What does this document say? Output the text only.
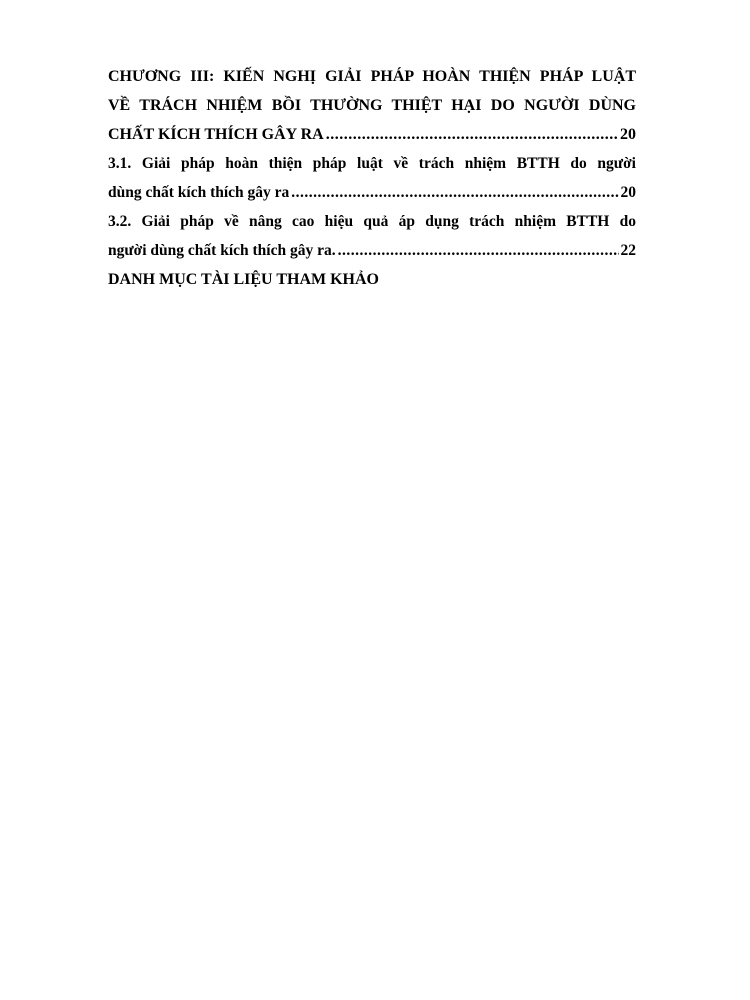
CHƯƠNG III: KIẾN NGHỊ GIẢI PHÁP HOÀN THIỆN PHÁP LUẬT
VỀ TRÁCH NHIỆM BỒI THƯỜNG THIỆT HẠI DO NGƯỜI DÙNG
CHẤT KÍCH THÍCH GÂY RA .....	20
3.1. Giải pháp hoàn thiện pháp luật về trách nhiệm BTTH do người
dùng chất kích thích gây ra .....	20
3.2. Giải pháp về nâng cao hiệu quả áp dụng trách nhiệm BTTH do
người dùng chất kích thích gây ra. .....	22
DANH MỤC TÀI LIỆU THAM KHẢO
